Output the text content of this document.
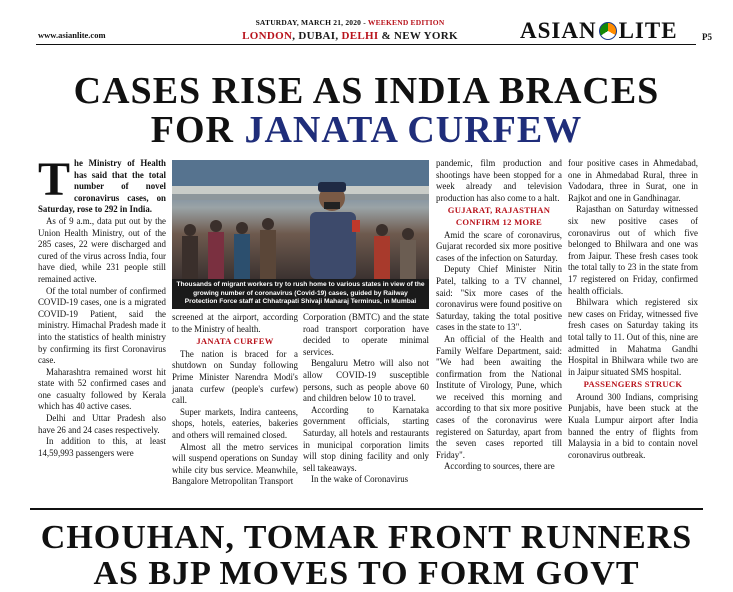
www.asianlite.com
SATURDAY, MARCH 21, 2020 - WEEKEND EDITION
LONDON, DUBAI, DELHI & NEW YORK	ASIAN LITE	P5
CASES RISE AS INDIA BRACES
FOR JANATA CURFEW
Thousands of migrant workers try to rush home to various states in view of the growing number of coronavirus (Covid-19) cases, guided by Railway Protection Force staff at Chhatrapati Shivaji Maharaj Terminus, in Mumbai

The Ministry of Health has said that the total number of novel coronavirus cases, on Saturday, rose to 292 in India.

As of 9 a.m., data put out by the Union Health Ministry, out of the 285 cases, 22 were discharged and cured of the virus across India, four have died, while 231 people still remained active.

Of the total number of confirmed COVID-19 cases, one is a migrated COVID-19 Patient, said the ministry. Himachal Pradesh made it into the statistics of health ministry by confirming its first Coronavirus case.

Maharashtra remained worst hit state with 52 confirmed cases and one casualty followed by Kerala which has 40 active cases.

Delhi and Uttar Pradesh also have 26 and 24 cases respectively.

In addition to this, at least 14,59,993 passengers were

screened at the airport, according to the Ministry of health.

JANATA CURFEW

The nation is braced for a shutdown on Sunday following Prime Minister Narendra Modi's janata curfew (people's curfew) call.

Super markets, Indira canteens, shops, hotels, eateries, bakeries and others will remained closed.

Almost all the metro services will suspend operations on Sunday while city bus service. Meanwhile, Bangalore Metropolitan Transport

Corporation (BMTC) and the state road transport corporation have decided to operate minimal services.

Bengaluru Metro will also not allow COVID-19 susceptible persons, such as people above 60 and children below 10 to travel.

According to Karnataka government officials, starting Saturday, all hotels and restaurants in municipal corporation limits will stop dining facility and only sell takeaways.

In the wake of Coronavirus

pandemic, film production and shootings have been stopped for a week already and television production has also come to a halt.

GUJARAT, RAJASTHAN
CONFIRM 12 MORE

Amid the scare of coronavirus, Gujarat recorded six more positive cases of the infection on Saturday.

Deputy Chief Minister Nitin Patel, talking to a TV channel, said: "Six more cases of the coronavirus were found positive on Saturday, taking the total positive cases in the state to 13".

An official of the Health and Family Welfare Department, said: "We had been awaiting the confirmation from the National Institute of Virology, Pune, which we received this morning and according to that six more positive cases of the coronavirus were registered on Saturday, apart from the seven cases reported till Friday".

According to sources, there are

four positive cases in Ahmedabad, one in Ahmedabad Rural, three in Vadodara, three in Surat, one in Rajkot and one in Gandhinagar.

Rajasthan on Saturday witnessed six new positive cases of coronavirus out of which five belonged to Bhilwara and one was from Jaipur. These fresh cases took the total tally to 23 in the state from 17 registered on Friday, confirmed health officials.

Bhilwara which registered six new cases on Friday, witnessed five fresh cases on Saturday taking its total tally to 11. Out of this, nine are admitted in Mahatma Gandhi Hospital in Bhilwara while two are in Jaipur situated SMS hospital.

PASSENGERS STRUCK

Around 300 Indians, comprising Punjabis, have been stuck at the Kuala Lumpur airport after India banned the entry of flights from Malaysia in a bid to contain novel coronavirus outbreak.

CHOUHAN, TOMAR FRONT RUNNERS
AS BJP MOVES TO FORM GOVT
